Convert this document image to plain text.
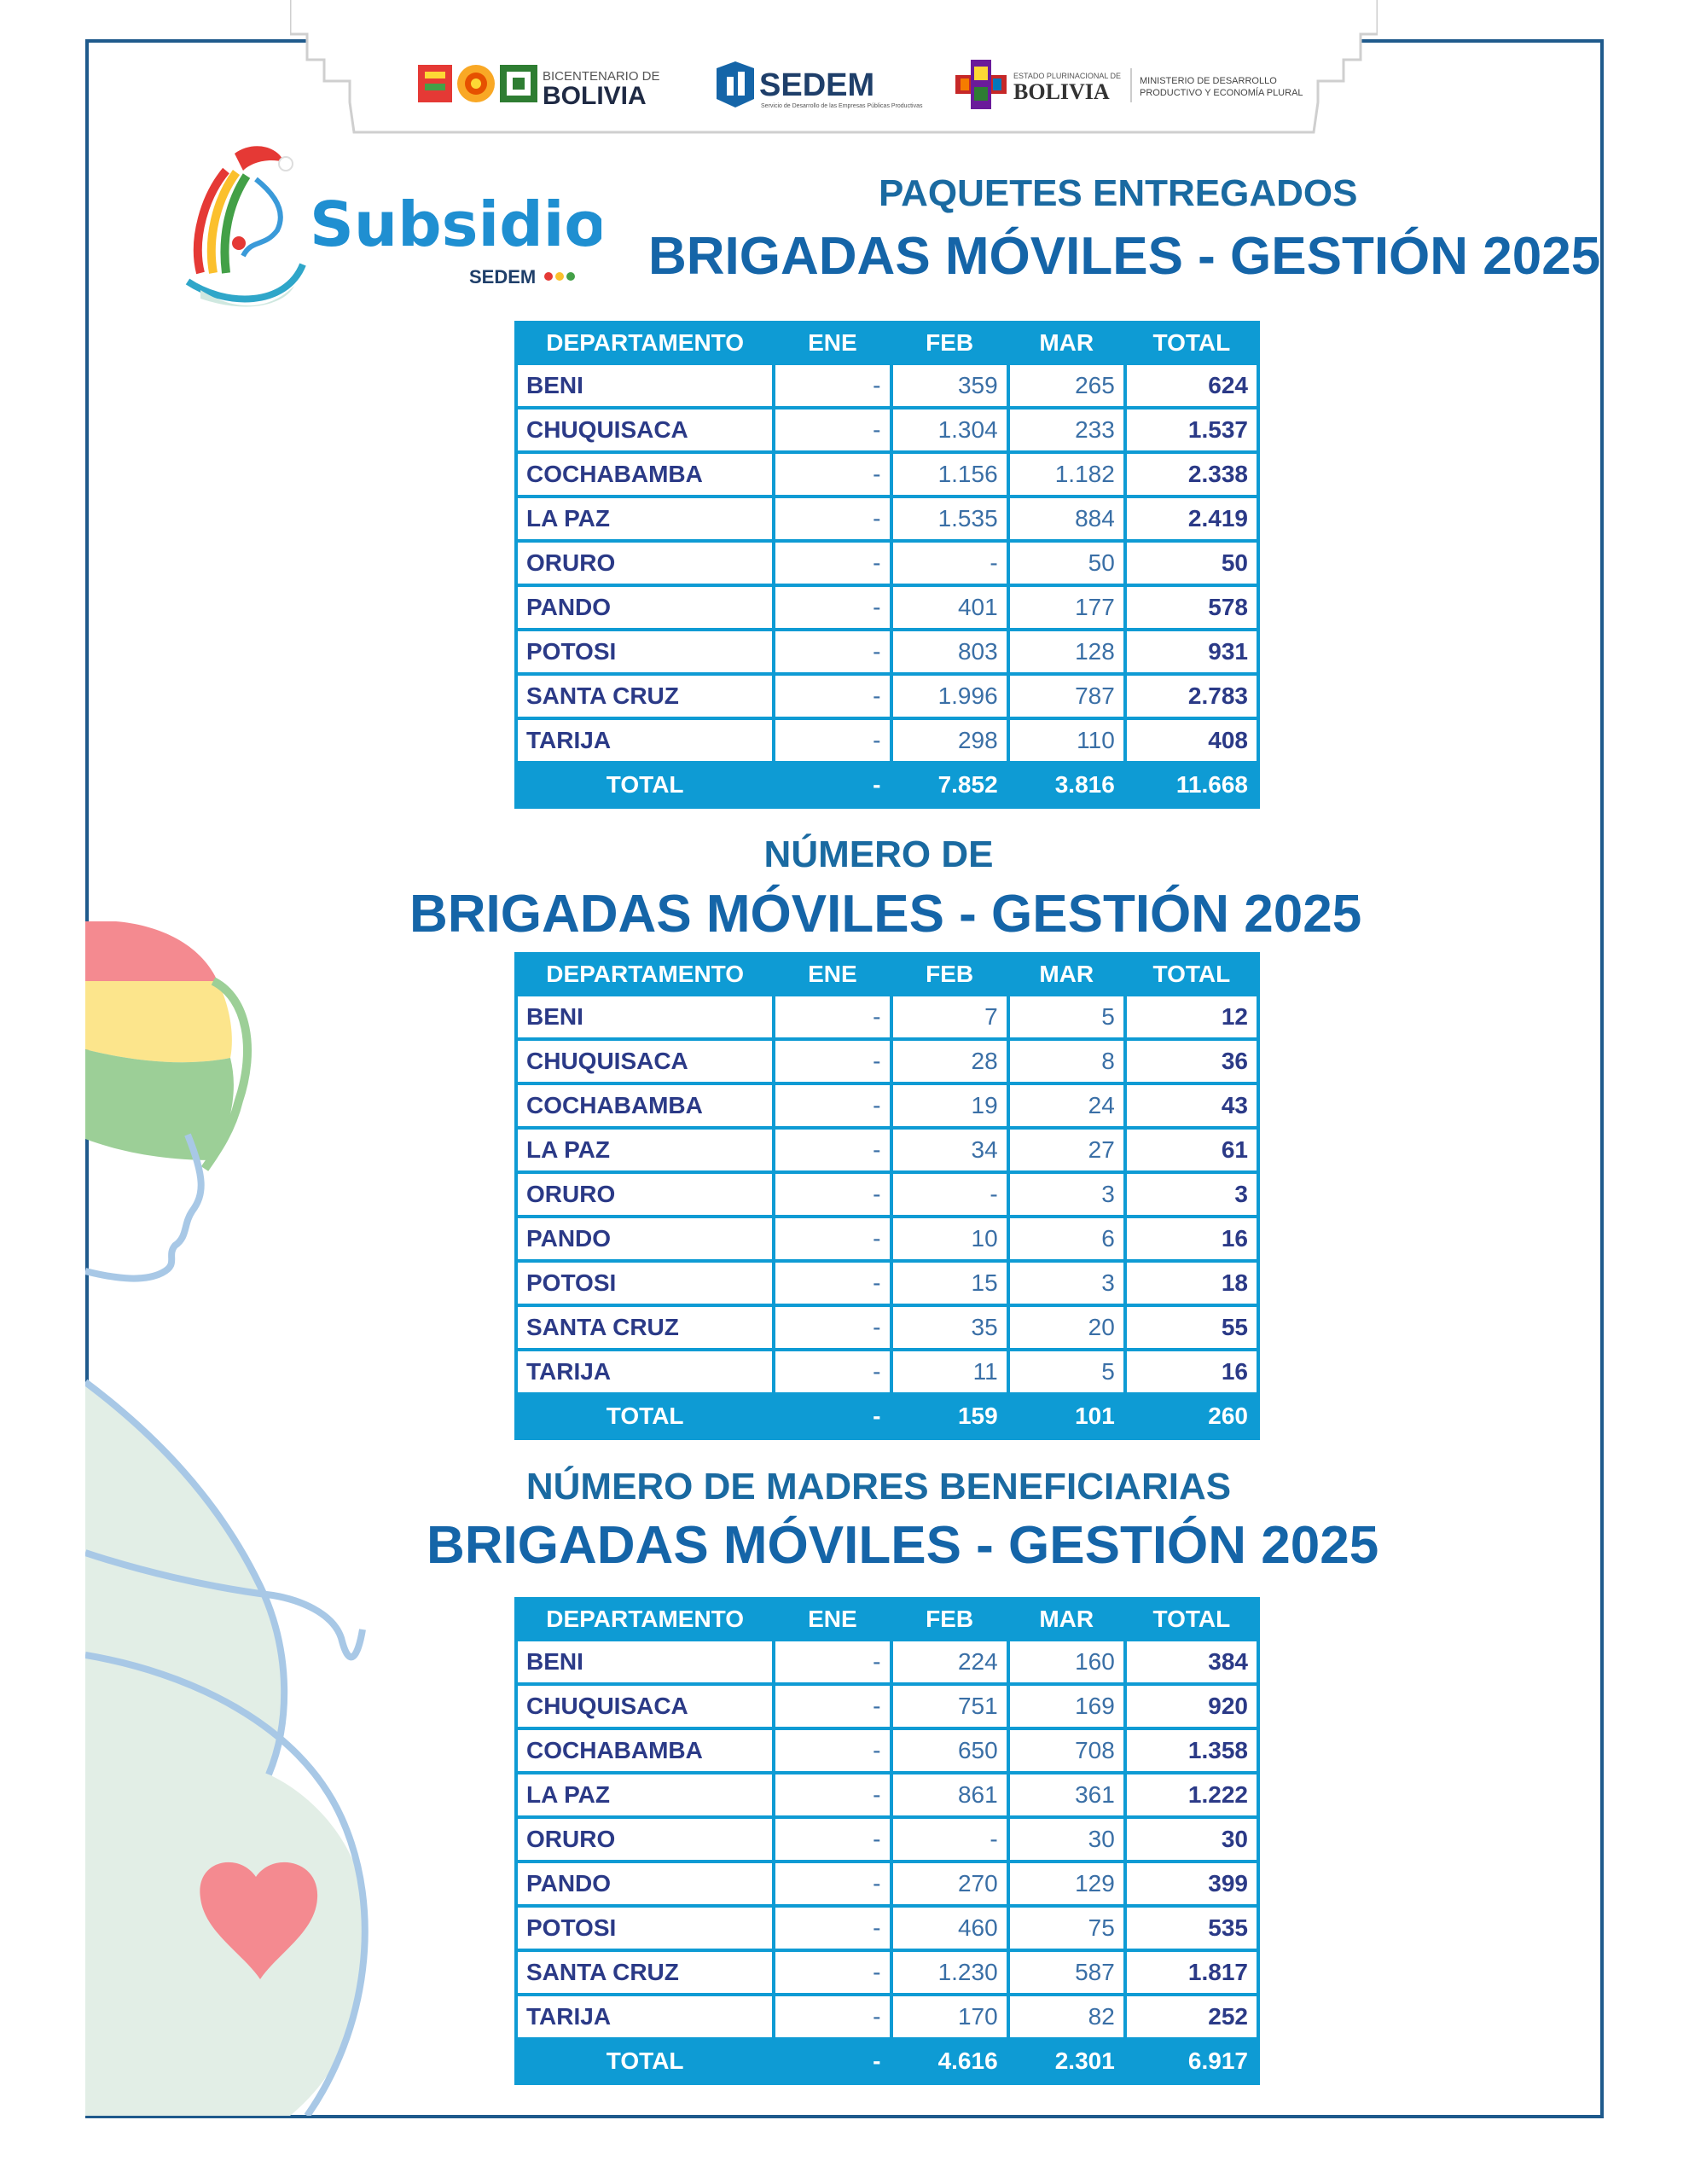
BICENTENARIO DE
BOLIVIA	SEDEM
Servicio de Desarrollo de las Empresas Públicas Productivas
ESTADO PLURINACIONAL DE
BOLIVIA	MINISTERIO DE DESARROLLO
PRODUCTIVO Y ECONOMÍA PLURAL
Subsidio
SEDEM
PAQUETES ENTREGADOS
BRIGADAS MÓVILES - GESTIÓN 2025
DEPARTAMENTO	ENE	FEB	MAR	TOTAL
BENI	-	359	265	624
CHUQUISACA	-	1.304	233	1.537
COCHABAMBA	-	1.156	1.182	2.338
LA PAZ	-	1.535	884	2.419
ORURO	-	-	50	50
PANDO	-	401	177	578
POTOSI	-	803	128	931
SANTA CRUZ	-	1.996	787	2.783
TARIJA	-	298	110	408
TOTAL	-	7.852	3.816	11.668
NÚMERO DE
BRIGADAS MÓVILES - GESTIÓN 2025
DEPARTAMENTO	ENE	FEB	MAR	TOTAL
BENI	-	7	5	12
CHUQUISACA	-	28	8	36
COCHABAMBA	-	19	24	43
LA PAZ	-	34	27	61
ORURO	-	-	3	3
PANDO	-	10	6	16
POTOSI	-	15	3	18
SANTA CRUZ	-	35	20	55
TARIJA	-	11	5	16
TOTAL	-	159	101	260
NÚMERO DE MADRES BENEFICIARIAS
BRIGADAS MÓVILES - GESTIÓN 2025
DEPARTAMENTO	ENE	FEB	MAR	TOTAL
BENI	-	224	160	384
CHUQUISACA	-	751	169	920
COCHABAMBA	-	650	708	1.358
LA PAZ	-	861	361	1.222
ORURO	-	-	30	30
PANDO	-	270	129	399
POTOSI	-	460	75	535
SANTA CRUZ	-	1.230	587	1.817
TARIJA	-	170	82	252
TOTAL	-	4.616	2.301	6.917
